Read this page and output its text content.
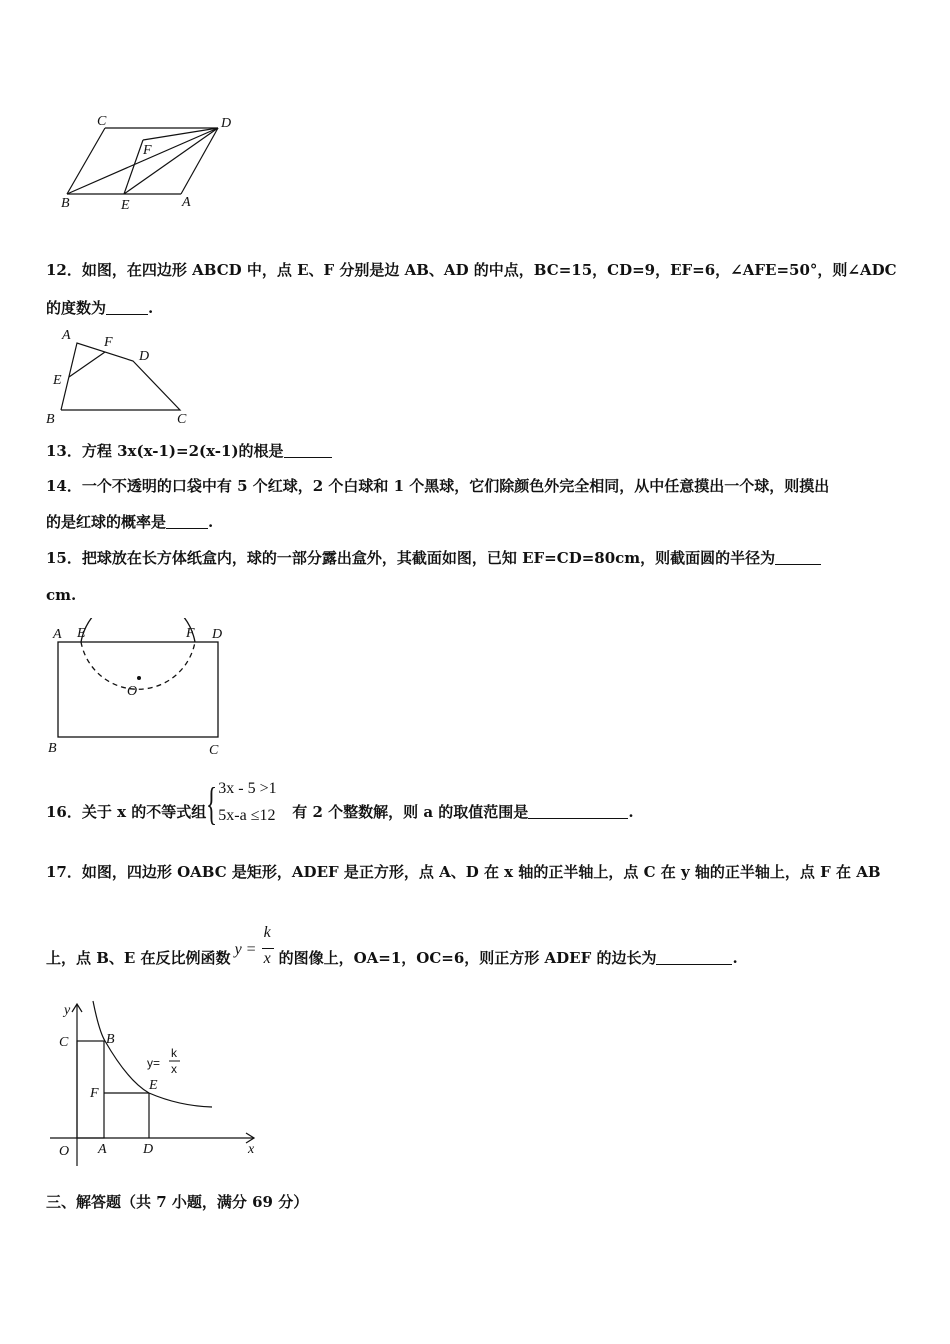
C	D
F
B	E	A
12．如图，在四边形 ABCD 中，点 E、F 分别是边 AB、AD 的中点，BC=15，CD=9，EF=6，∠AFE=50°，则∠ADC
的度数为	.
A F
D
E
B	C
13．方程 3x(x-1)=2(x-1)的根是
14．一个不透明的口袋中有 5 个红球，2 个白球和 1 个黑球，它们除颜色外完全相同，从中任意摸出一个球，则摸出
的是红球的概率是	.
15．把球放在长方体纸盒内，球的一部分露出盒外，其截面如图，已知 EF=CD=80cm，则截面圆的半径为
cm.
A E	F D
O
B	C
16．关于 x 的不等式组 { 3x - 5 >1
5x-a ≤12 有 2 个整数解，则 a 的取值范围是	.
17．如图，四边形 OABC 是矩形，ADEF 是正方形，点 A、D 在 x 轴的正半轴上，点 C 在 y 轴的正半轴上，点 F 在 AB
上，点 B、E 在反比例函数 y =
k
x 的图像上，OA=1，OC=6，则正方形 ADEF 的边长为	.
y
C	B
F
E
O A	D	x
y=
k
x
三、解答题（共 7 小题，满分 69 分）
